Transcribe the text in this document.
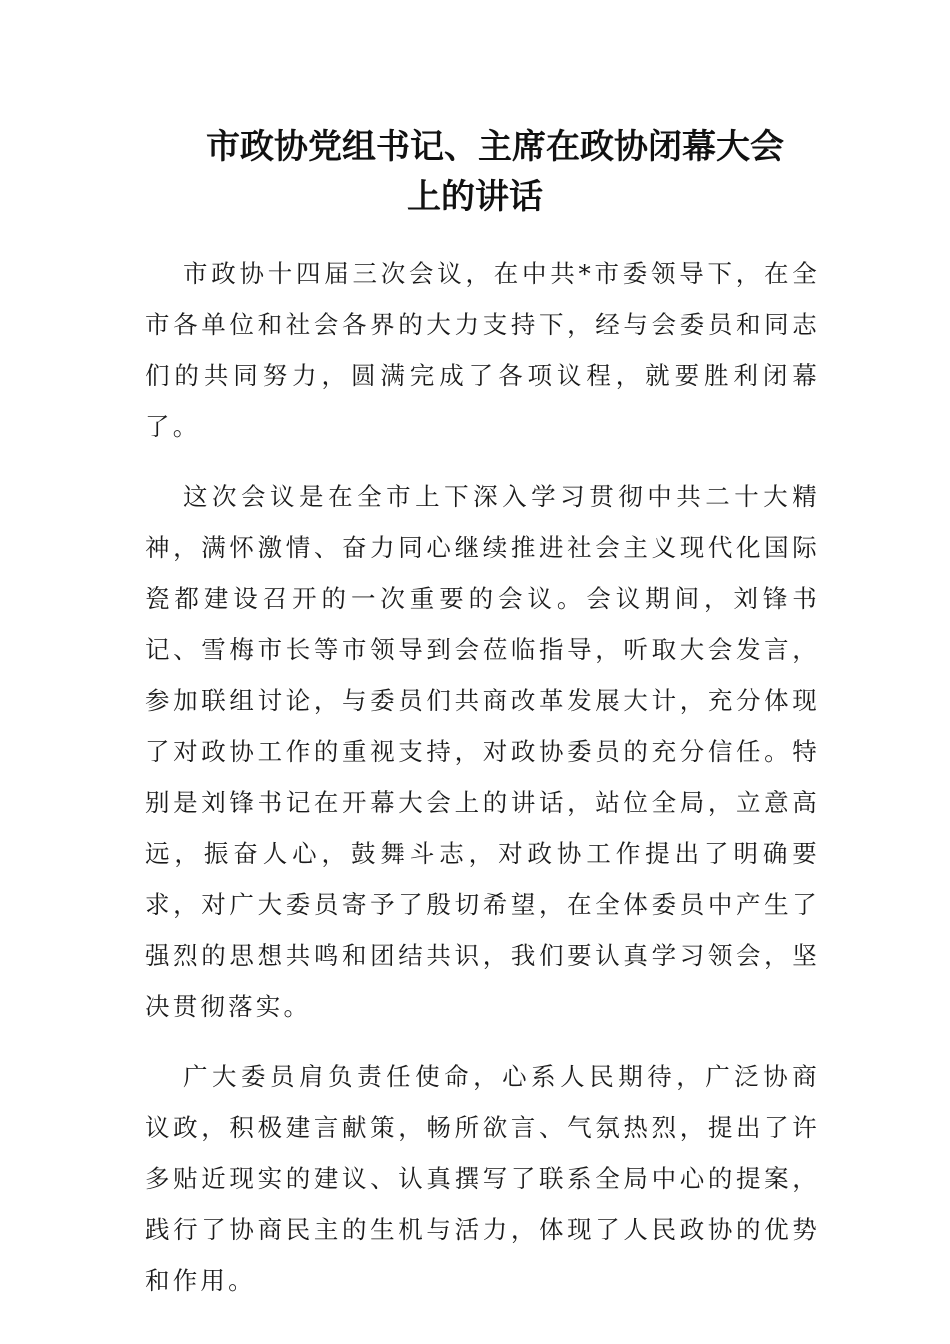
市政协党组书记、主席在政协闭幕大会
上的讲话

市政协十四届三次会议，在中共*市委领导下，在全市各单位和社会各界的大力支持下，经与会委员和同志们的共同努力，圆满完成了各项议程，就要胜利闭幕了。

这次会议是在全市上下深入学习贯彻中共二十大精神，满怀激情、奋力同心继续推进社会主义现代化国际瓷都建设召开的一次重要的会议。会议期间，刘锋书记、雪梅市长等市领导到会莅临指导，听取大会发言，参加联组讨论，与委员们共商改革发展大计，充分体现了对政协工作的重视支持，对政协委员的充分信任。特别是刘锋书记在开幕大会上的讲话，站位全局，立意高远，振奋人心，鼓舞斗志，对政协工作提出了明确要求，对广大委员寄予了殷切希望，在全体委员中产生了强烈的思想共鸣和团结共识，我们要认真学习领会，坚决贯彻落实。

广大委员肩负责任使命，心系人民期待，广泛协商议政，积极建言献策，畅所欲言、气氛热烈，提出了许多贴近现实的建议、认真撰写了联系全局中心的提案，践行了协商民主的生机与活力，体现了人民政协的优势和作用。
